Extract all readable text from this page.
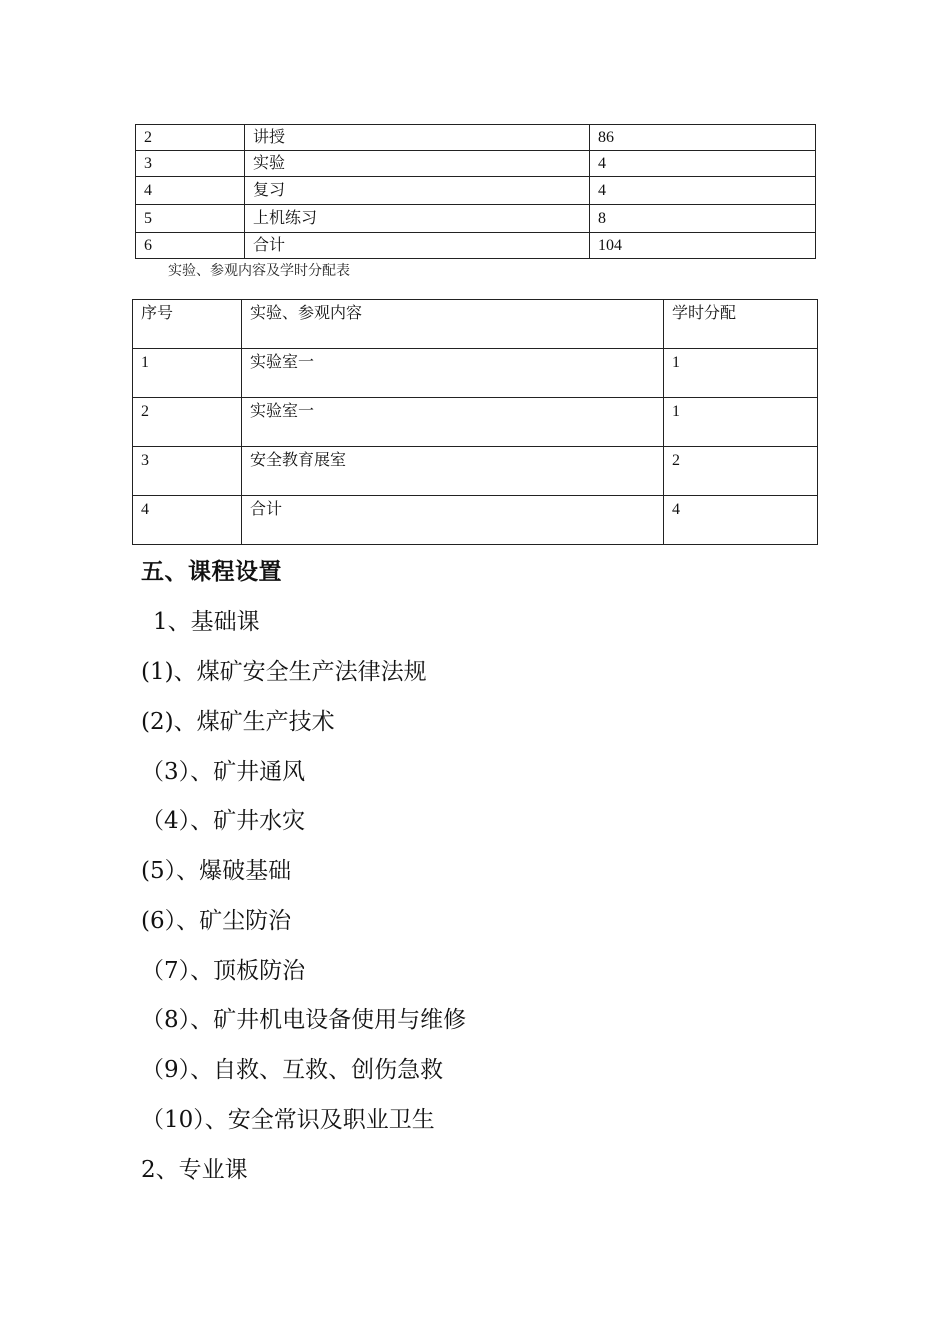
2	讲授	86
3	实验	4
4	复习	4
5	上机练习	8
6	合计	104
实验、参观内容及学时分配表
序号	实验、参观内容	学时分配
1	实验室一	1
2	实验室一	1
3	安全教育展室	2
4	合计	4
五、课程设置
1、基础课
(1)、煤矿安全生产法律法规
(2)、煤矿生产技术
（3）、矿井通风
（4）、矿井水灾
(5）、爆破基础
(6）、矿尘防治
（7）、顶板防治
（8）、矿井机电设备使用与维修
（9）、自救、互救、创伤急救
（10）、安全常识及职业卫生
2、专业课
